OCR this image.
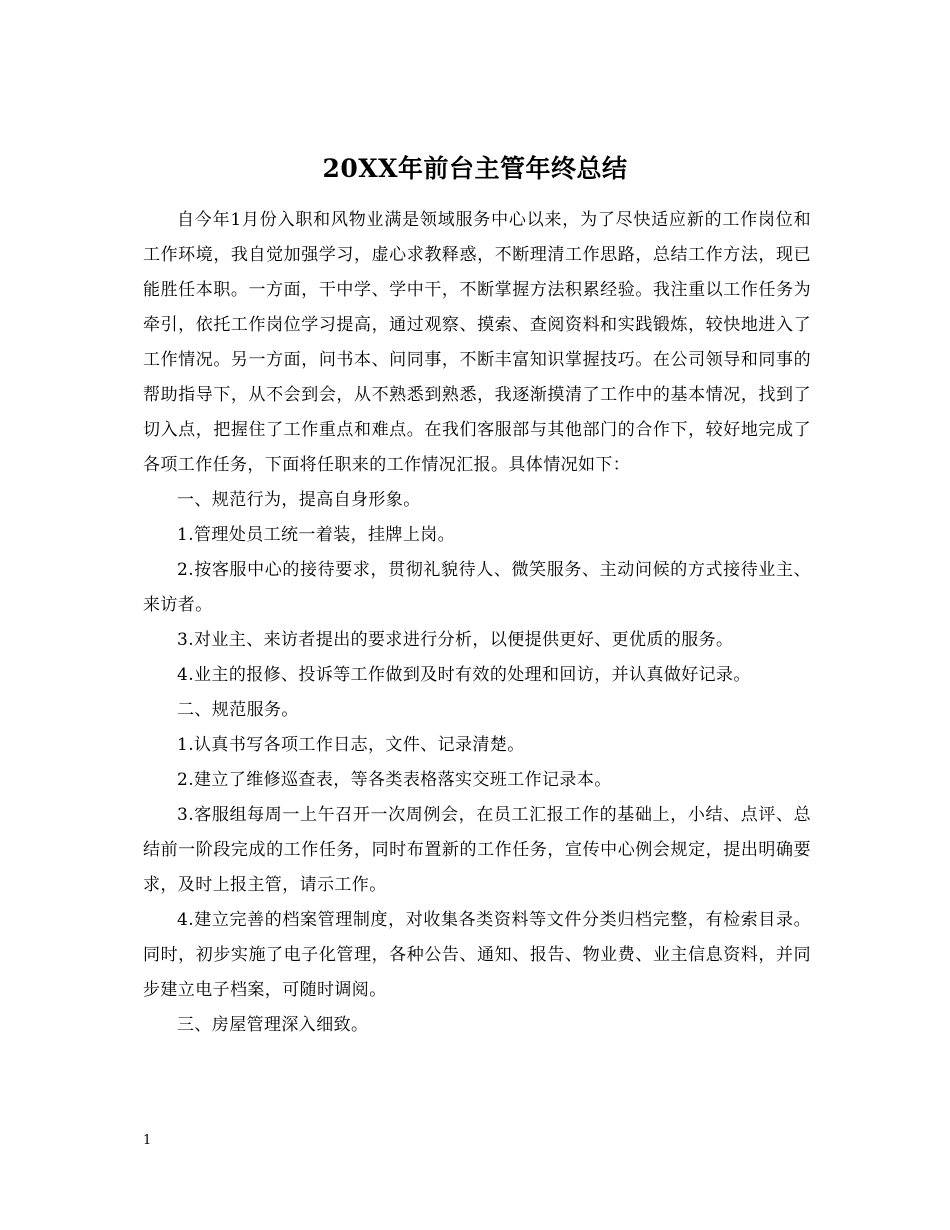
20XX年前台主管年终总结

自今年1月份入职和风物业满是领域服务中心以来，为了尽快适应新的工作岗位和工作环境，我自觉加强学习，虚心求教释惑，不断理清工作思路，总结工作方法，现已能胜任本职。一方面，干中学、学中干，不断掌握方法积累经验。我注重以工作任务为牵引，依托工作岗位学习提高，通过观察、摸索、查阅资料和实践锻炼，较快地进入了工作情况。另一方面，问书本、问同事，不断丰富知识掌握技巧。在公司领导和同事的帮助指导下，从不会到会，从不熟悉到熟悉，我逐渐摸清了工作中的基本情况，找到了切入点，把握住了工作重点和难点。在我们客服部与其他部门的合作下，较好地完成了各项工作任务，下面将任职来的工作情况汇报。具体情况如下：

一、规范行为，提高自身形象。

1.管理处员工统一着装，挂牌上岗。

2.按客服中心的接待要求，贯彻礼貌待人、微笑服务、主动问候的方式接待业主、来访者。

3.对业主、来访者提出的要求进行分析，以便提供更好、更优质的服务。

4.业主的报修、投诉等工作做到及时有效的处理和回访，并认真做好记录。

二、规范服务。

1.认真书写各项工作日志，文件、记录清楚。

2.建立了维修巡查表，等各类表格落实交班工作记录本。

3.客服组每周一上午召开一次周例会，在员工汇报工作的基础上，小结、点评、总结前一阶段完成的工作任务，同时布置新的工作任务，宣传中心例会规定，提出明确要求，及时上报主管，请示工作。

4.建立完善的档案管理制度，对收集各类资料等文件分类归档完整，有检索目录。同时，初步实施了电子化管理，各种公告、通知、报告、物业费、业主信息资料，并同步建立电子档案，可随时调阅。

三、房屋管理深入细致。

1
